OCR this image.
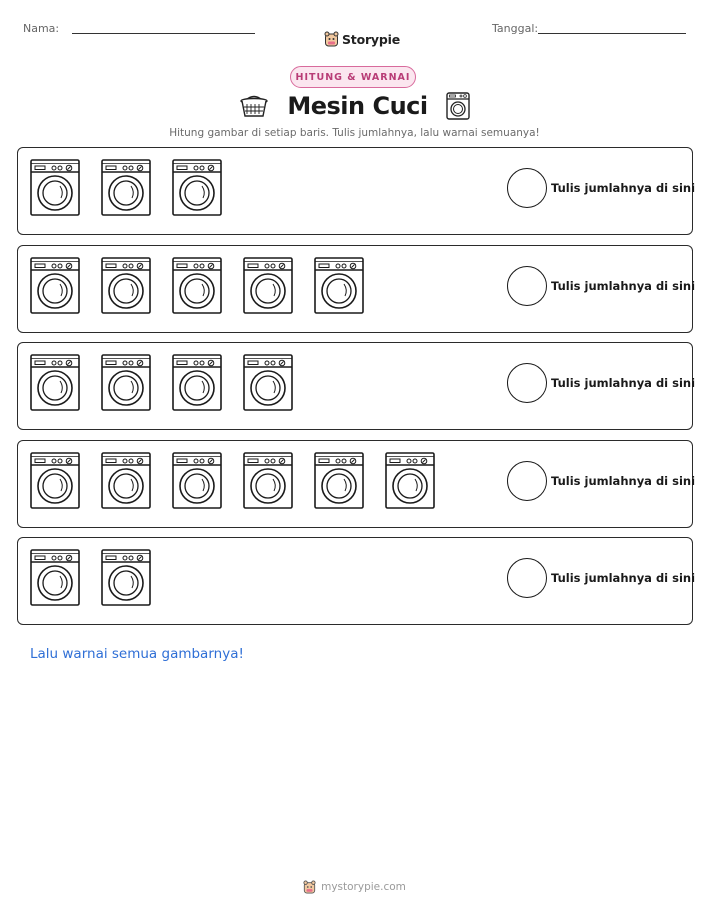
Nama:
Storypie
Tanggal:
HITUNG & WARNAI
Mesin Cuci
Hitung gambar di setiap baris. Tulis jumlahnya, lalu warnai semuanya!
Tulis jumlahnya di sini
Tulis jumlahnya di sini
Tulis jumlahnya di sini
Tulis jumlahnya di sini
Tulis jumlahnya di sini
Lalu warnai semua gambarnya!
mystorypie.com
